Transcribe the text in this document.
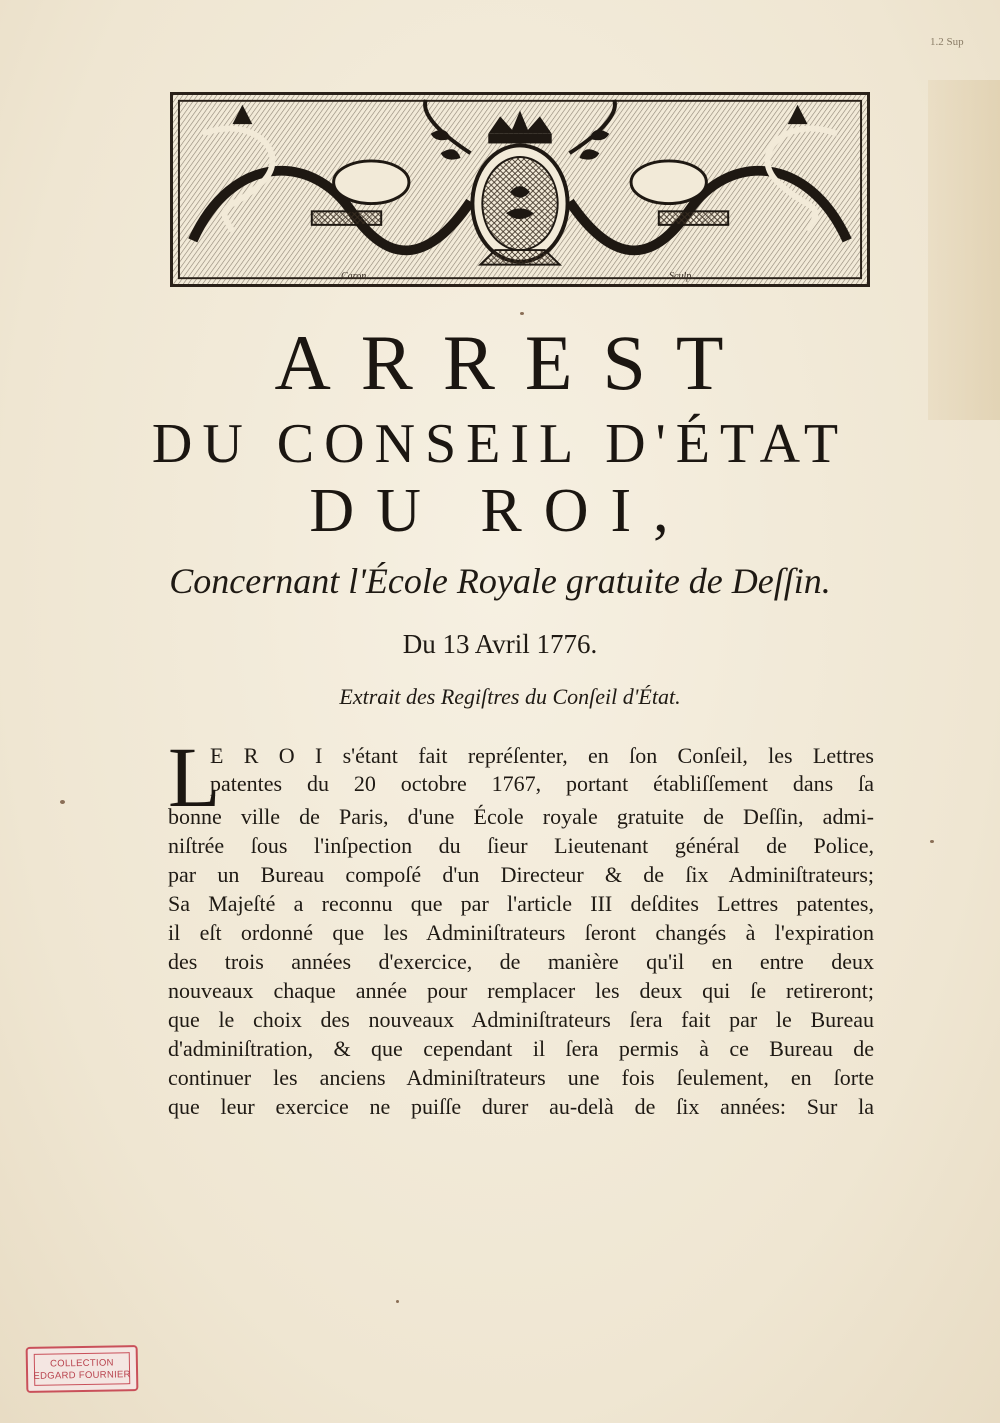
1.2 Sup
Caron	Sculp.
ARREST
DU CONSEIL D'ÉTAT
DU ROI,
Concernant l'École Royale gratuite de Deſſin.
Du 13 Avril 1776.
Extrait des Regiſtres du Conſeil d'État.
L
E R O I s'étant fait repréſenter, en ſon Conſeil, les Lettres
patentes du 20 octobre 1767, portant établiſſement dans ſa
bonne ville de Paris, d'une École royale gratuite de Deſſin, admi-
niſtrée ſous l'inſpection du ſieur Lieutenant général de Police,
par un Bureau compoſé d'un Directeur & de ſix Adminiſtrateurs;
Sa Majeſté a reconnu que par l'article III deſdites Lettres patentes,
il eſt ordonné que les Adminiſtrateurs ſeront changés à l'expiration
des trois années d'exercice, de manière qu'il en entre deux
nouveaux chaque année pour remplacer les deux qui ſe retireront;
que le choix des nouveaux Adminiſtrateurs ſera fait par le Bureau
d'adminiſtration, & que cependant il ſera permis à ce Bureau de
continuer les anciens Adminiſtrateurs une fois ſeulement, en ſorte
que leur exercice ne puiſſe durer au-delà de ſix années: Sur la
COLLECTION
EDGARD FOURNIER
